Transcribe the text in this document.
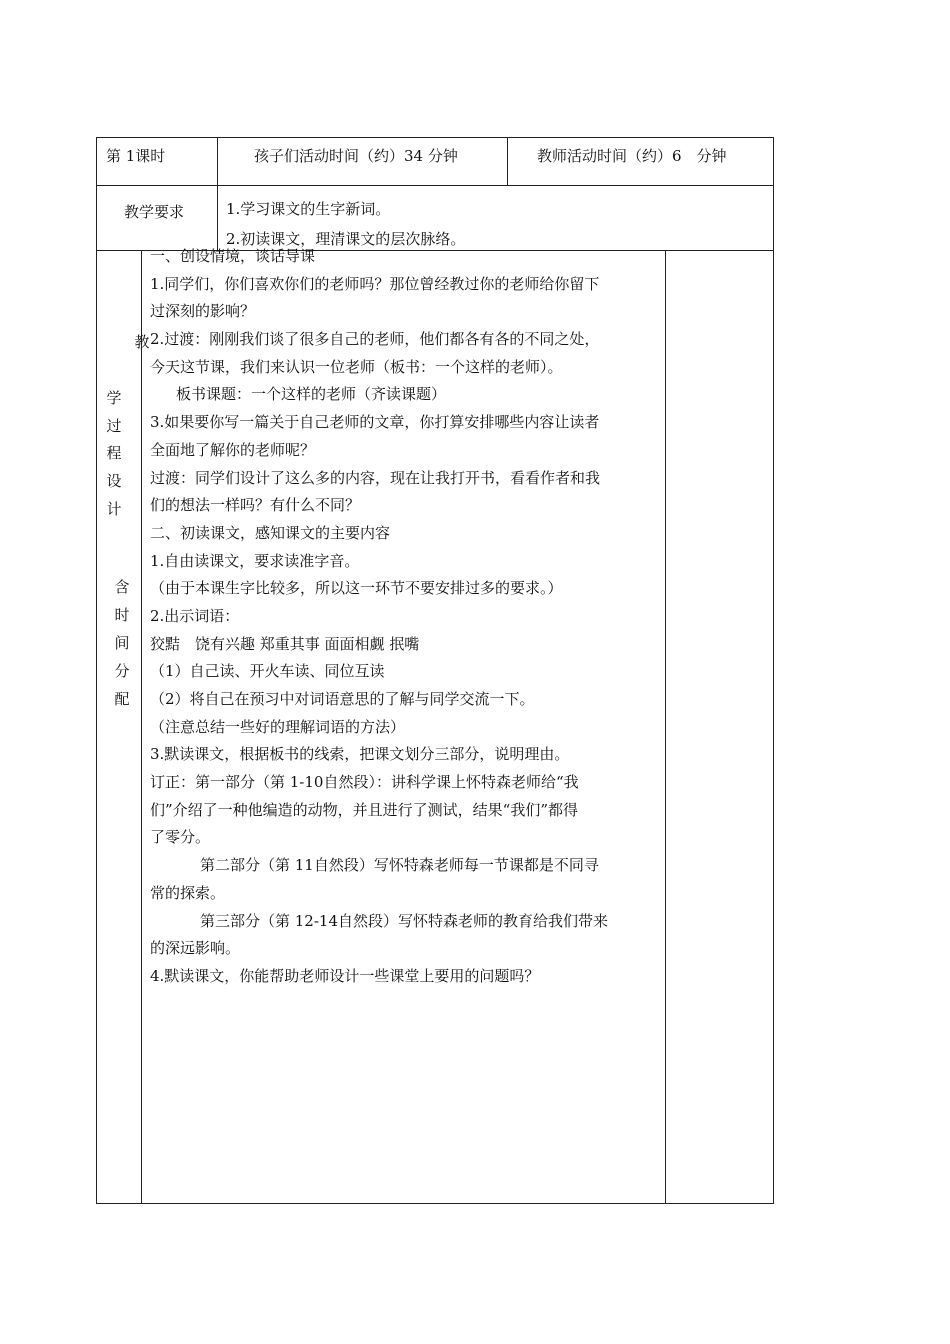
第 1课时	孩子们活动时间（约）34 分钟	教师活动时间（约）6　分钟
教学要求	1.学习课文的生字新词。
2.初读课文，理清课文的层次脉络。
教
学
过
程
设
计
含
时
间
分
配
一、创设情境，谈话导课
1.同学们，你们喜欢你们的老师吗？那位曾经教过你的老师给你留下
过深刻的影响？
2.过渡：刚刚我们谈了很多自己的老师，他们都各有各的不同之处，
今天这节课，我们来认识一位老师（板书：一个这样的老师）。
板书课题：一个这样的老师（齐读课题）
3.如果要你写一篇关于自己老师的文章，你打算安排哪些内容让读者
全面地了解你的老师呢？
过渡：同学们设计了这么多的内容，现在让我打开书，看看作者和我
们的想法一样吗？有什么不同？
二、初读课文，感知课文的主要内容
1.自由读课文，要求读准字音。
（由于本课生字比较多，所以这一环节不要安排过多的要求。）
2.出示词语：
狡黠　饶有兴趣 郑重其事 面面相觑 抿嘴
（1）自己读、开火车读、同位互读
（2）将自己在预习中对词语意思的了解与同学交流一下。
（注意总结一些好的理解词语的方法）
3.默读课文，根据板书的线索，把课文划分三部分，说明理由。
订正：第一部分（第 1-10自然段）：讲科学课上怀特森老师给“我
们”介绍了一种他编造的动物，并且进行了测试，结果“我们”都得
了零分。
第二部分（第 11自然段）写怀特森老师每一节课都是不同寻
常的探索。
第三部分（第 12-14自然段）写怀特森老师的教育给我们带来
的深远影响。
4.默读课文，你能帮助老师设计一些课堂上要用的问题吗？
